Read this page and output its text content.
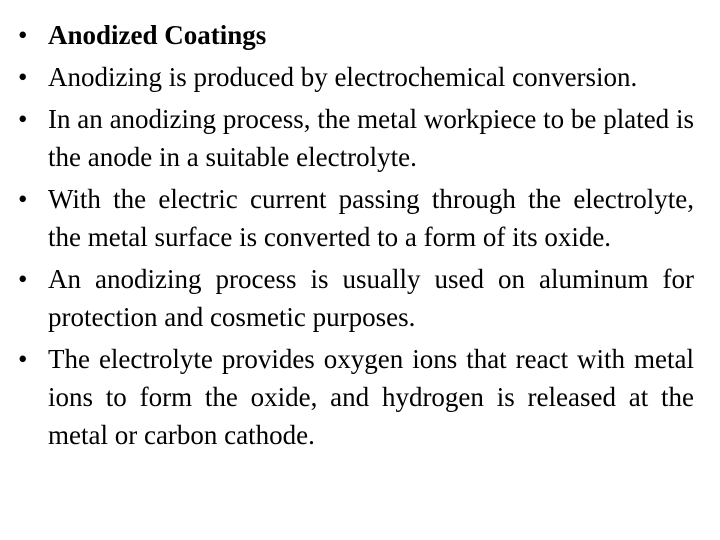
• Anodized Coatings
• Anodizing is produced by electrochemical conversion.
• In an anodizing process, the metal workpiece to be plated is the anode in a suitable electrolyte.
• With the electric current passing through the electrolyte, the metal surface is converted to a form of its oxide.
• An anodizing process is usually used on aluminum for protection and cosmetic purposes.
• The electrolyte provides oxygen ions that react with metal ions to form the oxide, and hydrogen is released at the metal or carbon cathode.
